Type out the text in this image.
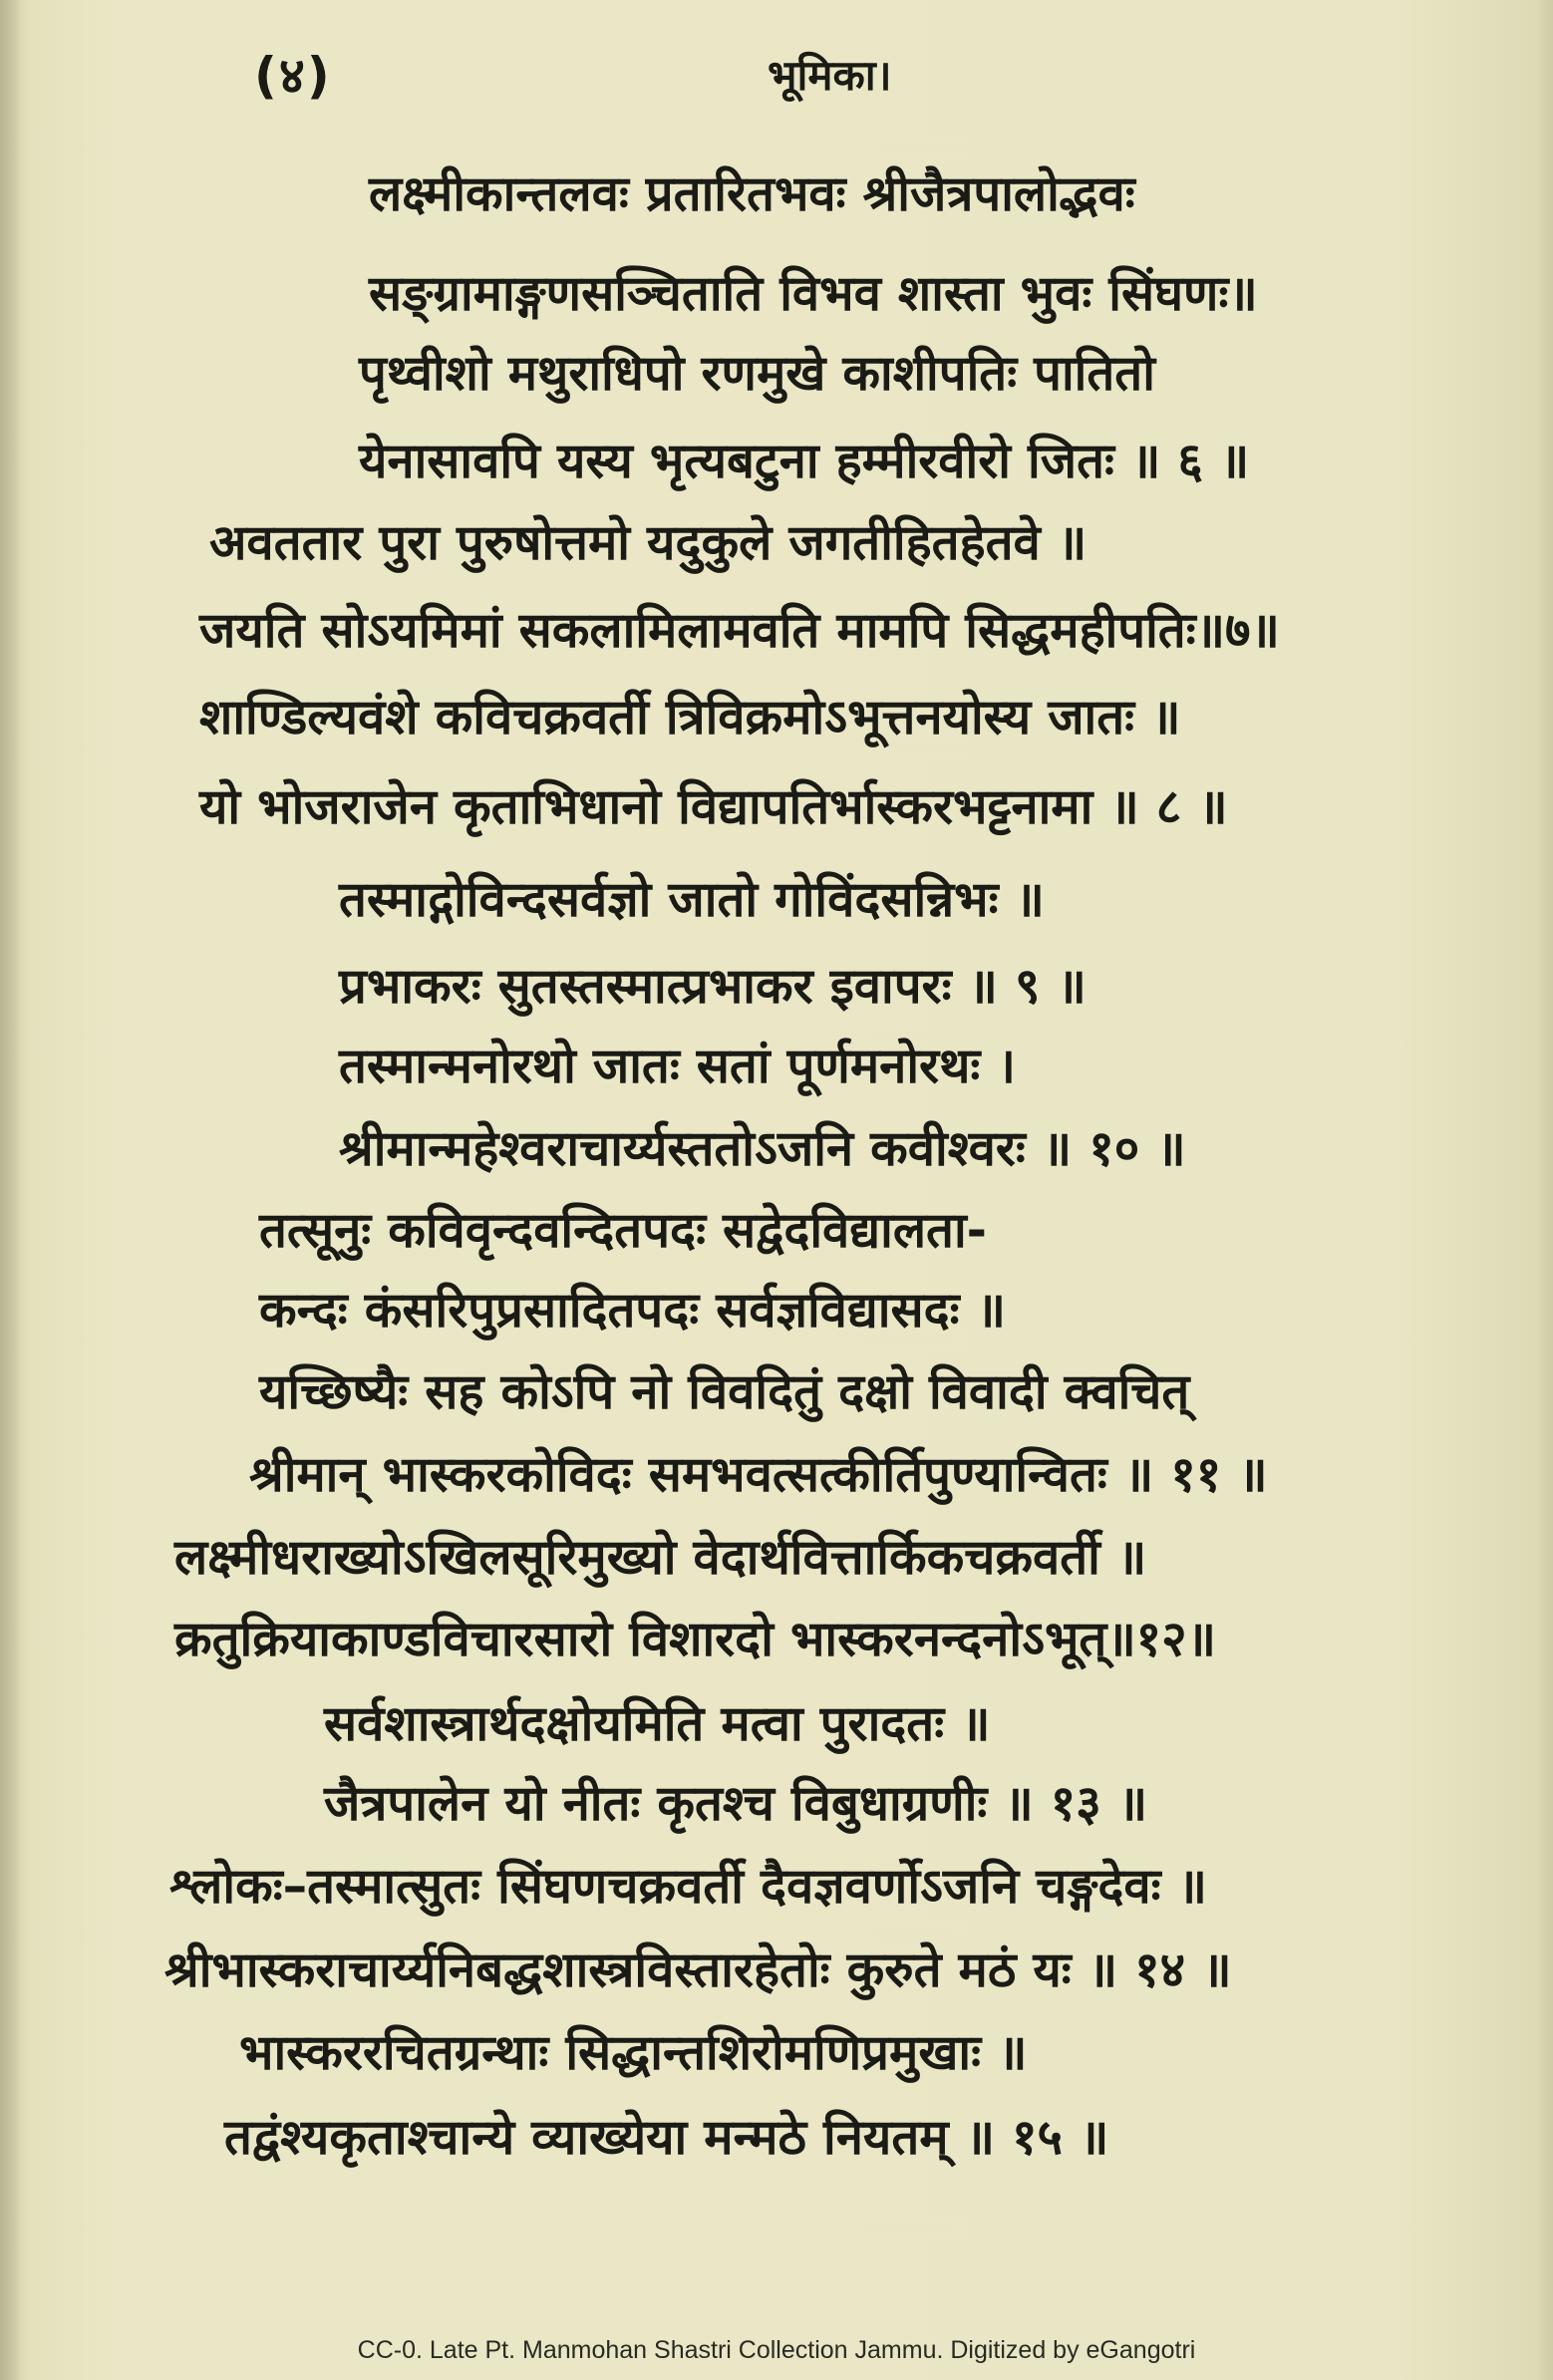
(४)	भूमिका।
लक्ष्मीकान्तलवः प्रतारितभवः श्रीजैत्रपालोद्भवः
सङ्ग्रामाङ्गणसञ्चिताति विभव शास्ता भुवः सिंघणः॥
पृथ्वीशो मथुराधिपो रणमुखे काशीपतिः पातितो
येनासावपि यस्य भृत्यबटुना हम्मीरवीरो जितः ॥ ६ ॥
अवततार पुरा पुरुषोत्तमो यदुकुले जगतीहितहेतवे ॥
जयति सोऽयमिमां सकलामिलामवति मामपि सिद्धमहीपतिः॥७॥
शाण्डिल्यवंशे कविचक्रवर्ती त्रिविक्रमोऽभूत्तनयोस्य जातः ॥
यो भोजराजेन कृताभिधानो विद्यापतिर्भास्करभट्टनामा ॥ ८ ॥
तस्माद्गोविन्दसर्वज्ञो जातो गोविंदसन्निभः ॥
प्रभाकरः सुतस्तस्मात्प्रभाकर इवापरः ॥ ९ ॥
तस्मान्मनोरथो जातः सतां पूर्णमनोरथः ।
श्रीमान्महेश्वराचार्य्यस्ततोऽजनि कवीश्वरः ॥ १० ॥
तत्सूनुः कविवृन्दवन्दितपदः सद्वेदविद्यालता-
कन्दः कंसरिपुप्रसादितपदः सर्वज्ञविद्यासदः ॥
यच्छिष्यैः सह कोऽपि नो विवदितुं दक्षो विवादी क्वचित्
श्रीमान् भास्करकोविदः समभवत्सत्कीर्तिपुण्यान्वितः ॥ ११ ॥
लक्ष्मीधराख्योऽखिलसूरिमुख्यो वेदार्थवित्तार्किकचक्रवर्ती ॥
क्रतुक्रियाकाण्डविचारसारो विशारदो भास्करनन्दनोऽभूत्॥१२॥
सर्वशास्त्रार्थदक्षोयमिति मत्वा पुरादतः ॥
जैत्रपालेन यो नीतः कृतश्च विबुधाग्रणीः ॥ १३ ॥
श्लोकः–तस्मात्सुतः सिंघणचक्रवर्ती दैवज्ञवर्णोऽजनि चङ्गदेवः ॥
श्रीभास्कराचार्य्यनिबद्धशास्त्रविस्तारहेतोः कुरुते मठं यः ॥ १४ ॥
भास्कररचितग्रन्थाः सिद्धान्तशिरोमणिप्रमुखाः ॥
तद्वंश्यकृताश्चान्ये व्याख्येया मन्मठे नियतम् ॥ १५ ॥
CC-0. Late Pt. Manmohan Shastri Collection Jammu. Digitized by eGangotri
